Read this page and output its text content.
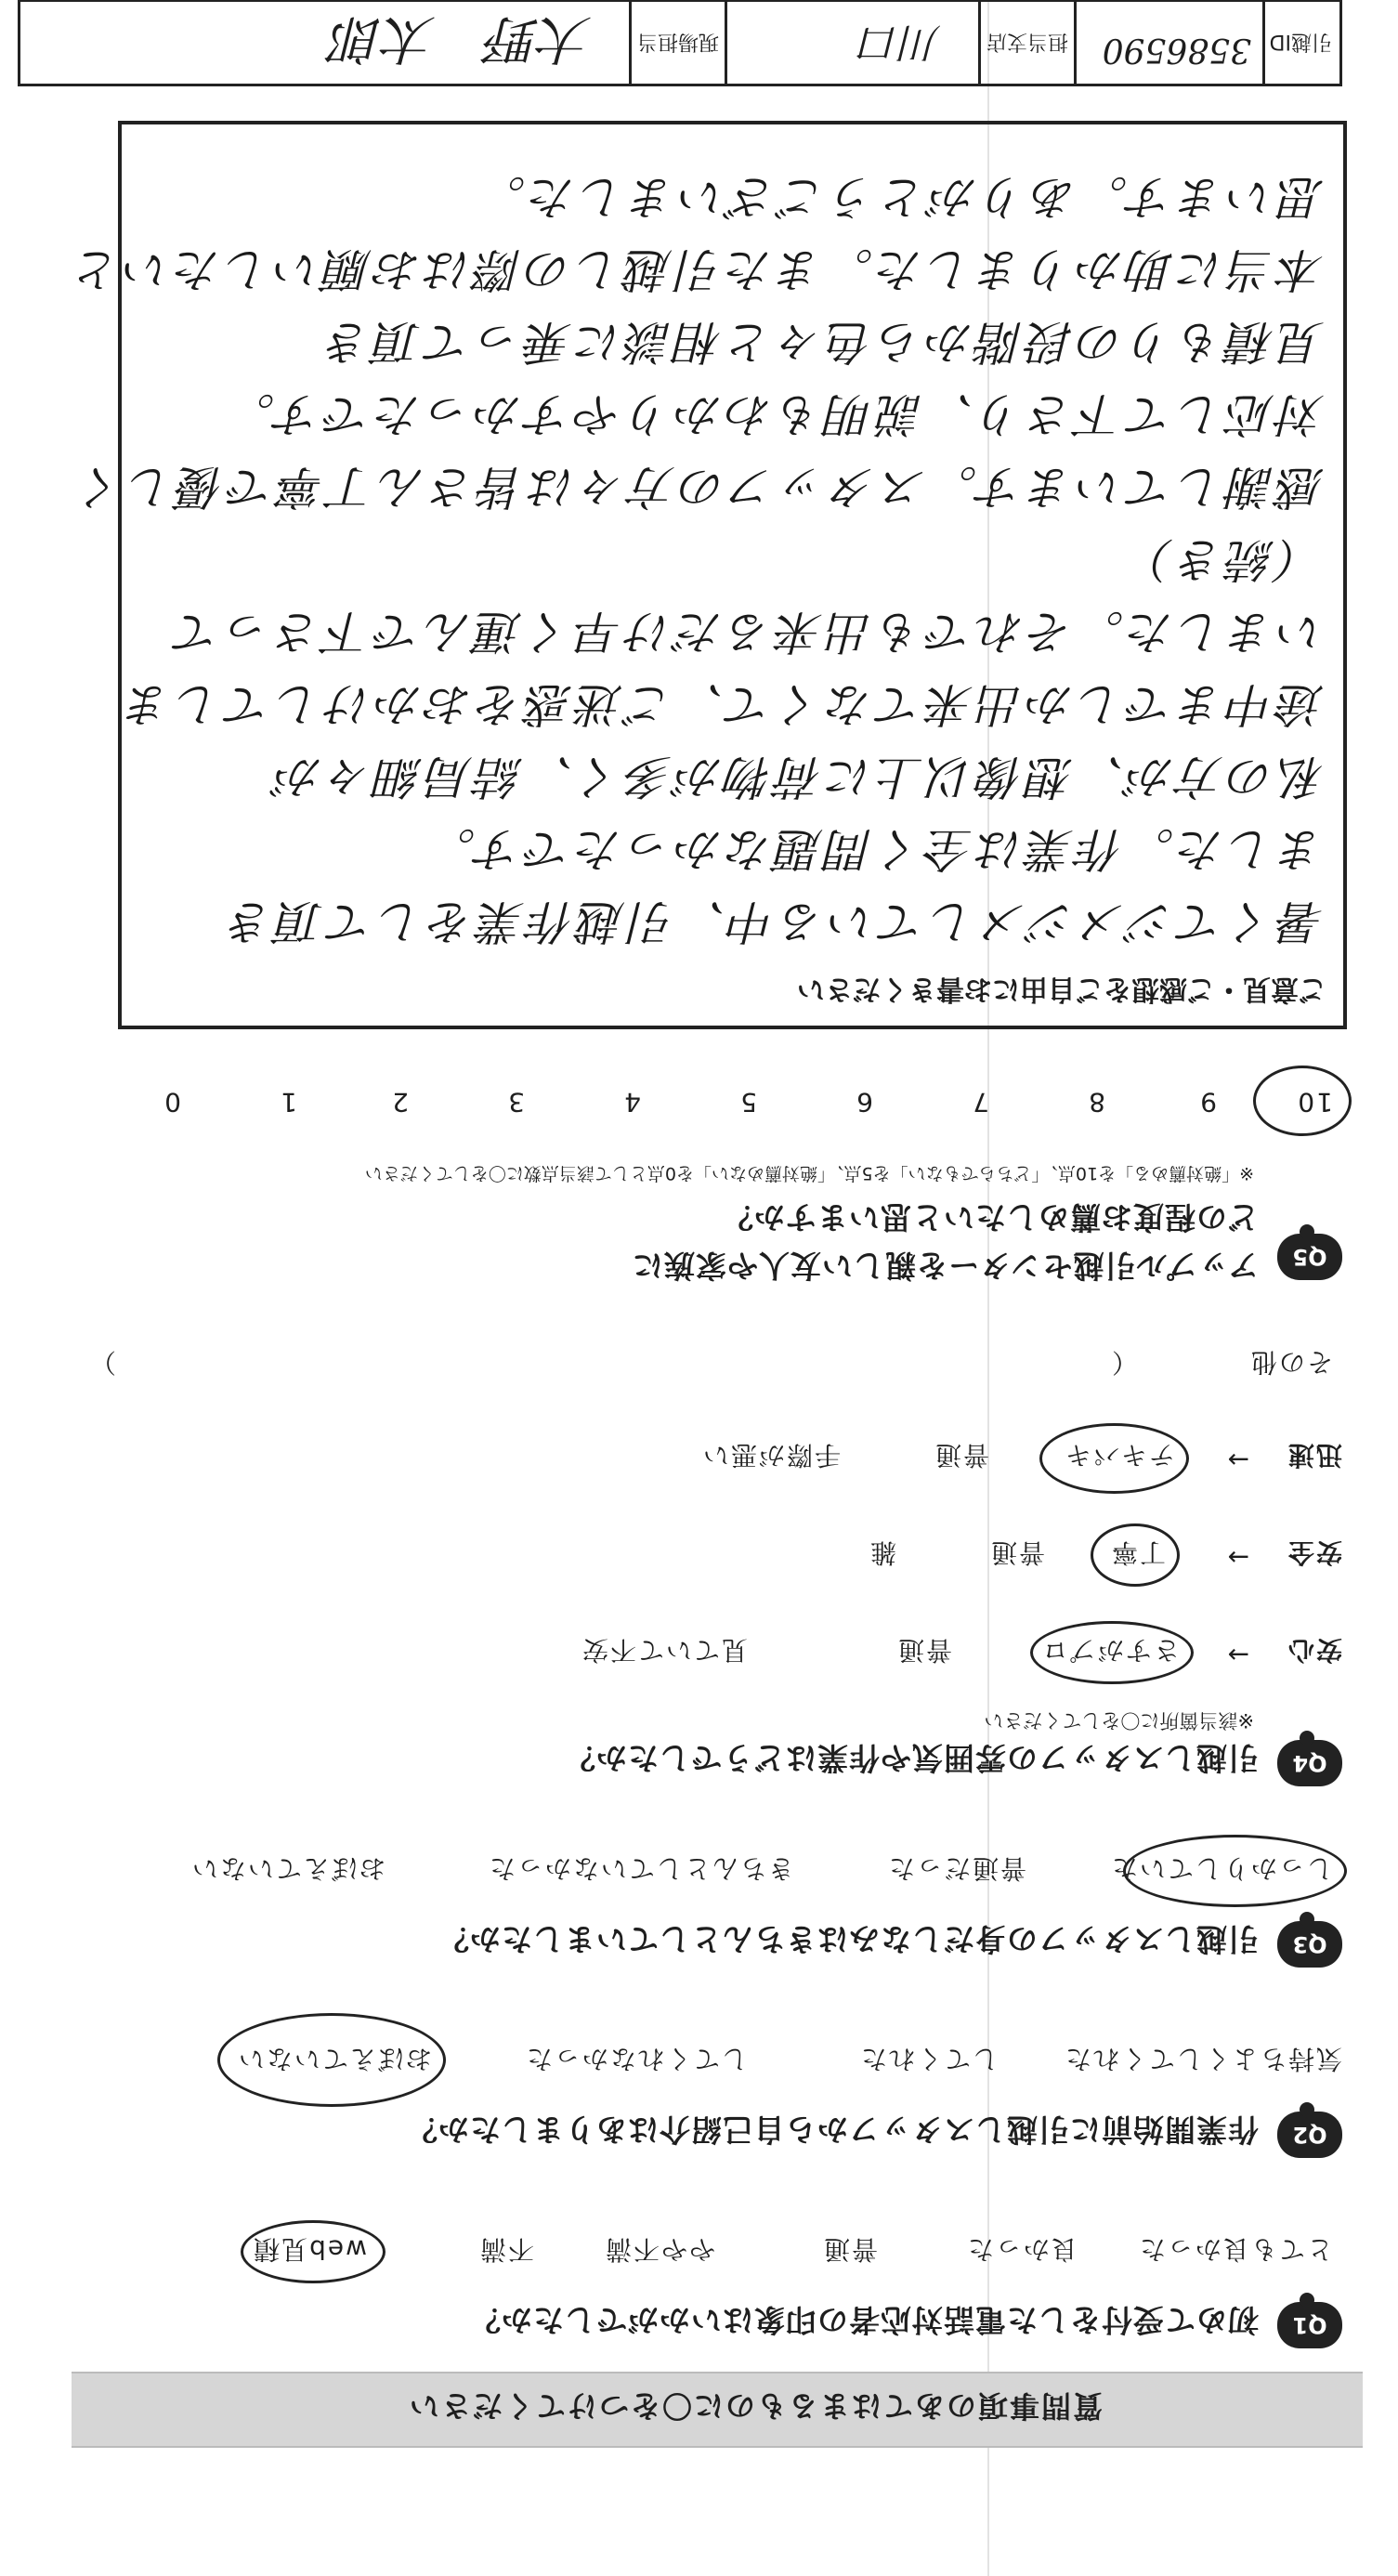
質問事項のあてはまるものに〇をつけてください
Q1
初めて受付をした電話対応者の印象はいかがでしたか？
とても良かった
良かった
普通
やや不満
不満
web見積
Q2
作業開始前に引越しスタッフから自己紹介はありましたか？
気持ちよくしてくれた
してくれた
してくれなかった
おぼえていない
Q3
引越しスタッフの身だしなみはきちんとしていましたか？
しっかりしていた
普通だった
きちんとしていなかった
おぼえていない
Q4
引越しスタッフの雰囲気や作業はどうでしたか？
※該当箇所に〇をしてください
安心
→
さすがプロ
普通
見ていて不安
安全
→
丁寧
普通
雑
迅速
→
テキパキ
普通
手際が悪い
その他
（
）
Q5
アップル引越センターを親しい友人や家族に
どの程度お薦めしたいと思いますか？
※「絶対薦める」を10点、「どちらでもない」を5点、「絶対薦めない」を0点として該当点数に〇をしてください
10
9
8
7
6
5
4
3
2
1
0
ご意見・ご感想をご自由にお書きください
暑くてジメジメしている中、引越作業をして頂き
ました。作業は全く問題なかったです。
私の方が、想像以上に荷物が多く、結局細々が
途中までしか出来てなくて、ご迷惑をおかけしてしま
いました。それでも出来るだけ早く運んで下さって
（続き）
感謝しています。スタッフの方々は皆さん丁寧で優しく
対応して下さり、説明もわかりやすかったです。
見積もりの段階から色々と相談に乗って頂き
本当に助かりました。また引越しの際はお願いしたいと
思います。ありがとうございました。
引越ID
3586590
担当支店
川口
現場担当
大野　太郎
